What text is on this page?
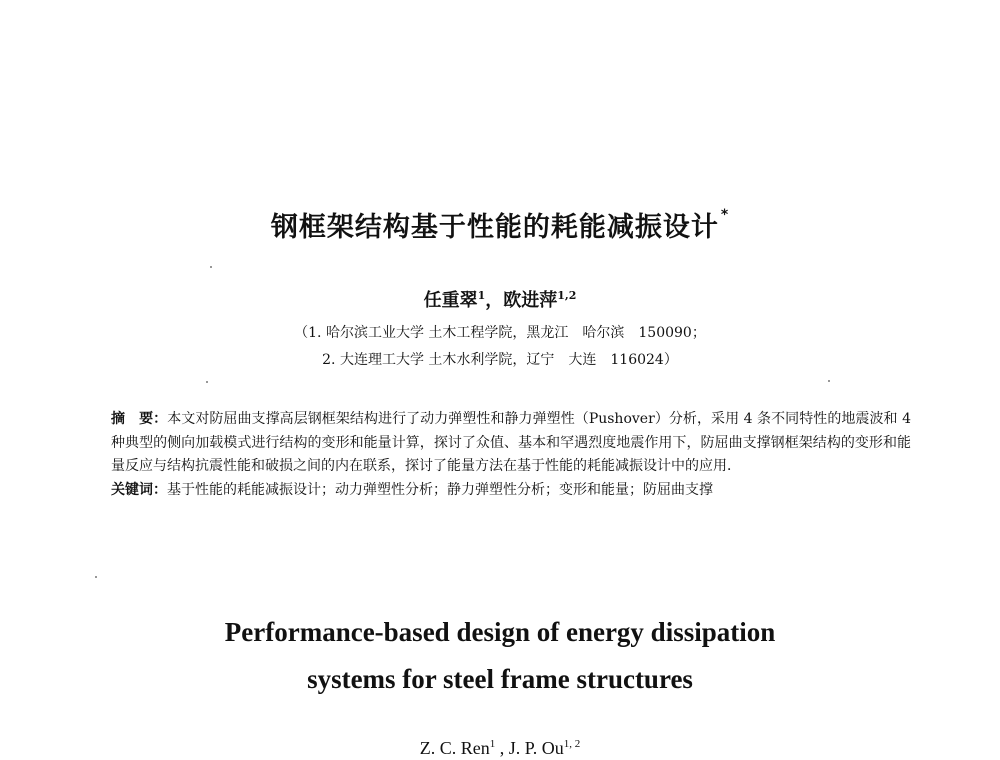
钢框架结构基于性能的耗能减振设计 *
任重翠$^1$，欧进萍$^{1,2}$
（1. 哈尔滨工业大学 土木工程学院，黑龙江　哈尔滨　150090；
2. 大连理工大学 土木水利学院，辽宁　大连　116024）

摘　要：本文对防屈曲支撑高层钢框架结构进行了动力弹塑性和静力弹塑性（Pushover）分析，采用 4 条不同特性的地震波和 4 种典型的侧向加载模式进行结构的变形和能量计算，探讨了众值、基本和罕遇烈度地震作用下，防屈曲支撑钢框架结构的变形和能量反应与结构抗震性能和破损之间的内在联系，探讨了能量方法在基于性能的耗能减振设计中的应用．

关键词：基于性能的耗能减振设计；动力弹塑性分析；静力弹塑性分析；变形和能量；防屈曲支撑

Performance-based design of energy dissipation
systems for steel frame structures
Z. C. Ren$^1$ , J. P. Ou$^{1, 2}$
